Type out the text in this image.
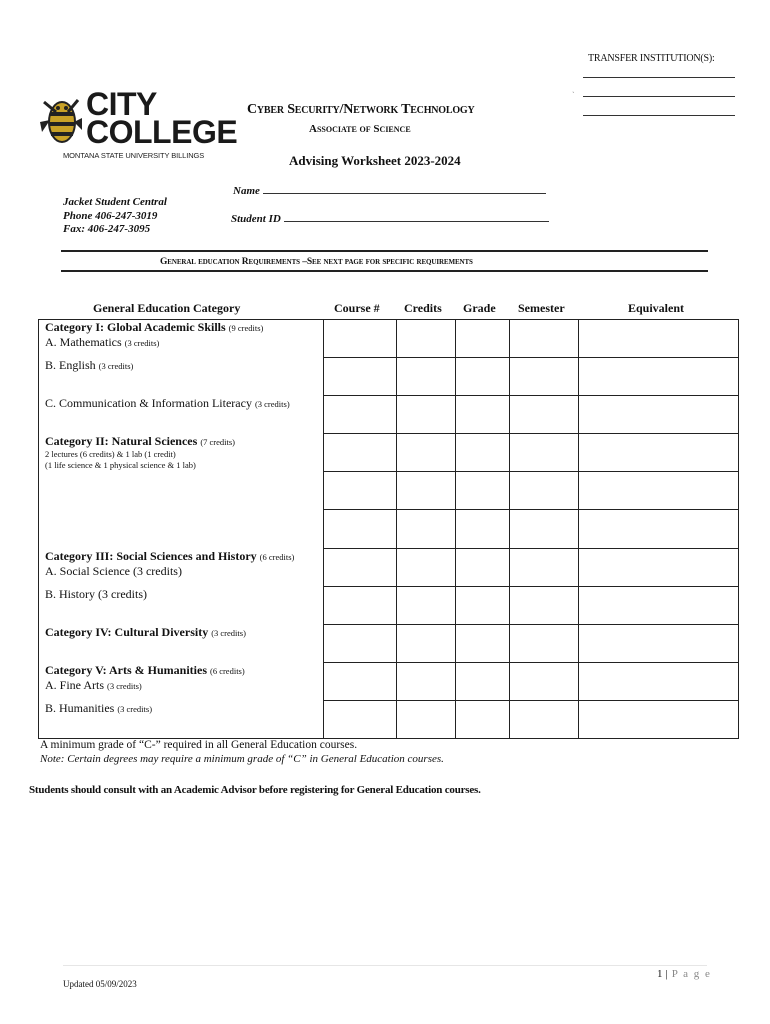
TRANSFER INSTITUTION(S):
ˎ
CITY
COLLEGE
MONTANA STATE UNIVERSITY BILLINGS
Cyber Security/Network Technology
Associate of Science
Advising Worksheet 2023-2024
Name
Student ID
Jacket Student Central
Phone 406-247-3019
Fax: 406-247-3095
General education Requirements –See next page for specific requirements
General Education Category	Course # Credits Grade Semester	Equivalent
Category I: Global Academic Skills (9 credits)
A. Mathematics (3 credits)
B. English (3 credits)
C. Communication & Information Literacy (3 credits)
Category II: Natural Sciences (7 credits)
2 lectures (6 credits) & 1 lab (1 credit)
(1 life science & 1 physical science & 1 lab)
Category III: Social Sciences and History (6 credits)
A. Social Science (3 credits)
B. History (3 credits)
Category IV: Cultural Diversity (3 credits)
Category V: Arts & Humanities (6 credits)
A. Fine Arts (3 credits)
B. Humanities (3 credits)
A minimum grade of “C-” required in all General Education courses.
Note: Certain degrees may require a minimum grade of “C” in General Education courses.
Students should consult with an Academic Advisor before registering for General Education courses.
1 | P a g e
Updated 05/09/2023
